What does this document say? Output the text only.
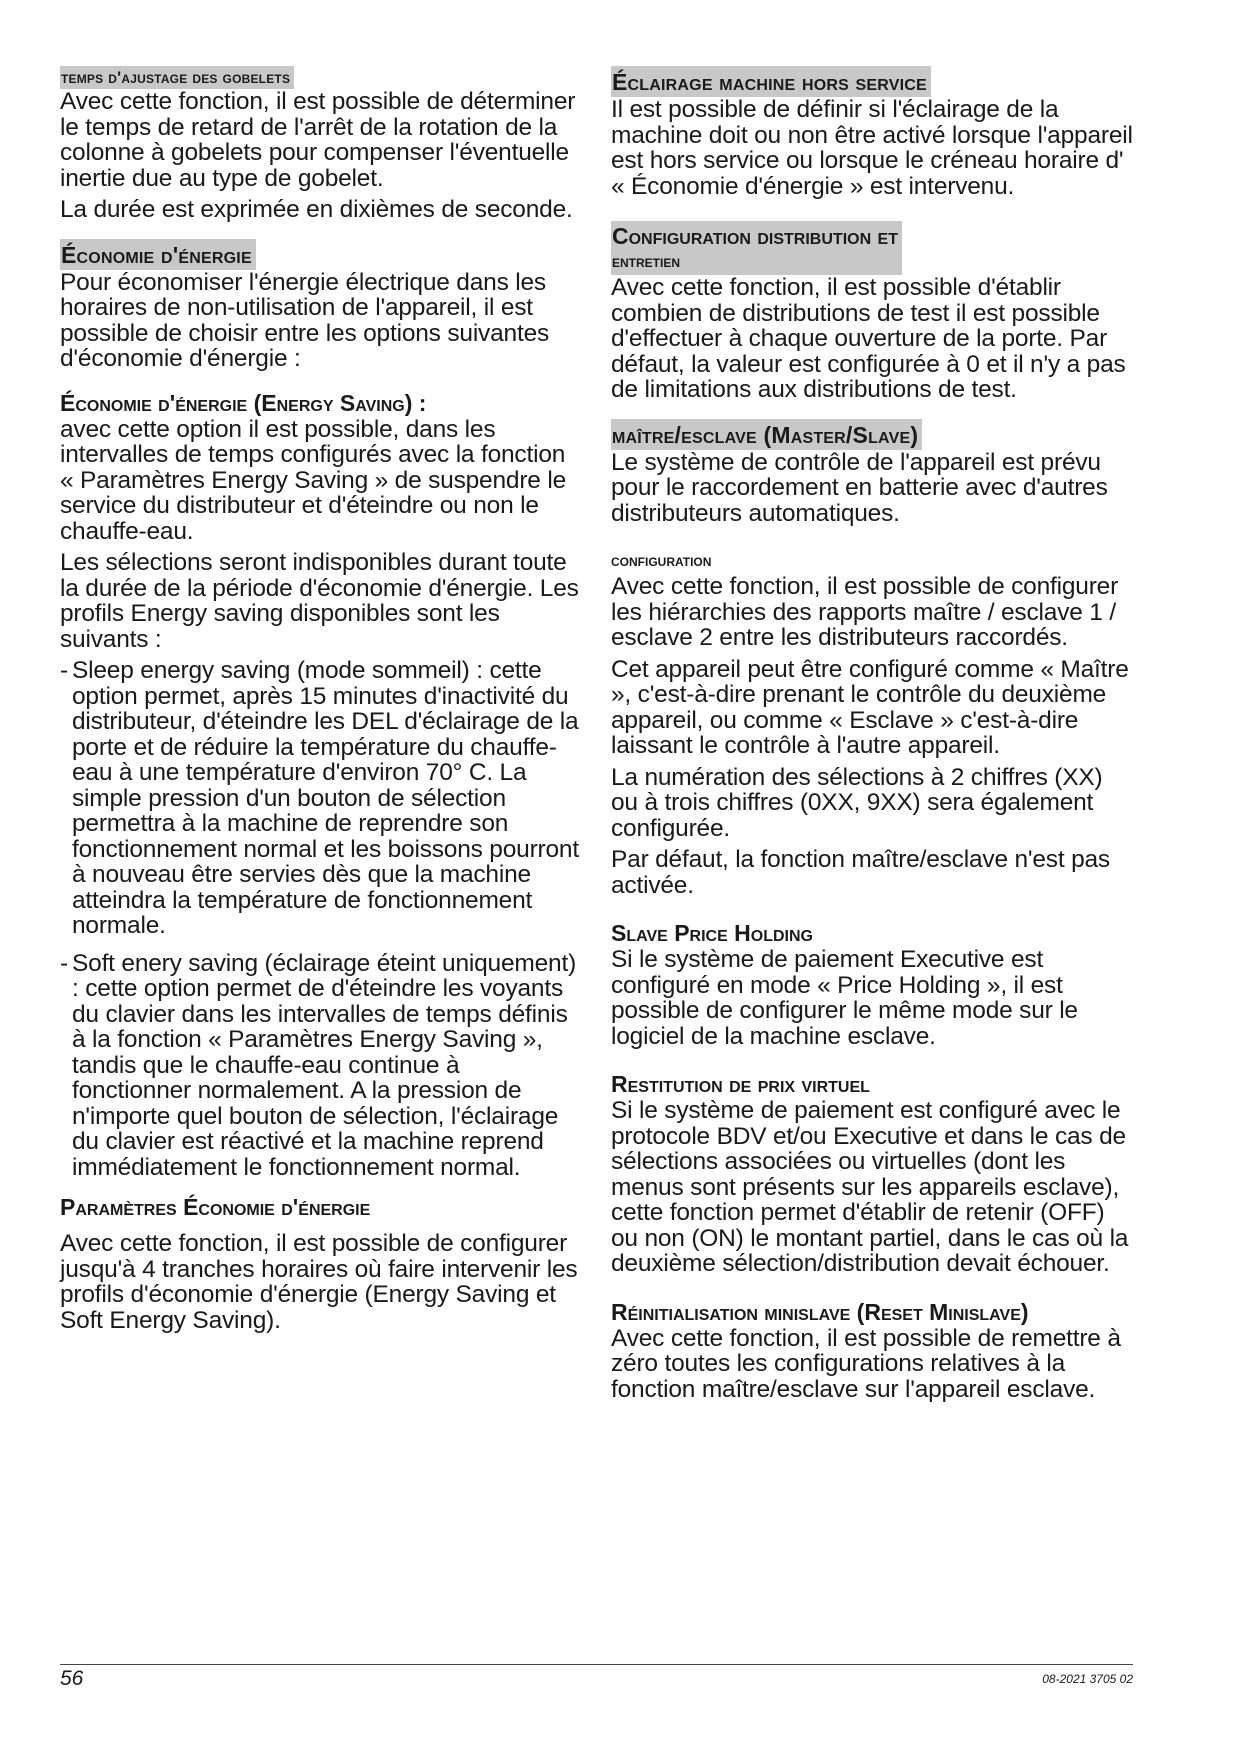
temps d'ajustage des gobelets

Avec cette fonction, il est possible de déterminer le temps de retard de l'arrêt de la rotation de la colonne à gobelets pour compenser l'éventuelle inertie due au type de gobelet.

La durée est exprimée en dixièmes de seconde.

Économie d'énergie

Pour économiser l'énergie électrique dans les horaires de non-utilisation de l'appareil, il est possible de choisir entre les options suivantes d'économie d'énergie :

Économie d'énergie (Energy Saving) :

avec cette option il est possible, dans les intervalles de temps configurés avec la fonction « Paramètres Energy Saving » de suspendre le service du distributeur et d'éteindre ou non le chauffe-eau.

Les sélections seront indisponibles durant toute la durée de la période d'économie d'énergie. Les profils Energy saving disponibles sont les suivants :

- Sleep energy saving (mode sommeil) : cette option permet, après 15 minutes d'inactivité du distributeur, d'éteindre les DEL d'éclairage de la porte et de réduire la température du chauffe-eau à une température d'environ 70° C. La simple pression d'un bouton de sélection permettra à la machine de reprendre son fonctionnement normal et les boissons pourront à nouveau être servies dès que la machine atteindra la température de fonctionnement normale.
- Soft enery saving (éclairage éteint uniquement) : cette option permet de d'éteindre les voyants du clavier dans les intervalles de temps définis à la fonction « Paramètres Energy Saving », tandis que le chauffe-eau continue à fonctionner normalement. A la pression de n'importe quel bouton de sélection, l'éclairage du clavier est réactivé et la machine reprend immédiatement le fonctionnement normal.
Paramètres Économie d'énergie

Avec cette fonction, il est possible de configurer jusqu'à 4 tranches horaires où faire intervenir les profils d'économie d'énergie (Energy Saving et Soft Energy Saving).

Éclairage machine hors service

Il est possible de définir si l'éclairage de la machine doit ou non être activé lorsque l'appareil est hors service ou lorsque le créneau horaire d' « Économie d'énergie » est intervenu.

Configuration distribution et
entretien

Avec cette fonction, il est possible d'établir combien de distributions de test il est possible d'effectuer à chaque ouverture de la porte. Par défaut, la valeur est configurée à 0 et il n'y a pas de limitations aux distributions de test.

maître/esclave (Master/Slave)

Le système de contrôle de l'appareil est prévu pour le raccordement en batterie avec d'autres distributeurs automatiques.

configuration

Avec cette fonction, il est possible de configurer les hiérarchies des rapports maître / esclave 1 / esclave 2 entre les distributeurs raccordés.

Cet appareil peut être configuré comme « Maître », c'est-à-dire prenant le contrôle du deuxième appareil, ou comme « Esclave » c'est-à-dire laissant le contrôle à l'autre appareil.

La numération des sélections à 2 chiffres (XX) ou à trois chiffres (0XX, 9XX) sera également configurée.

Par défaut, la fonction maître/esclave n'est pas activée.

Slave Price Holding

Si le système de paiement Executive est configuré en mode « Price Holding », il est possible de configurer le même mode sur le logiciel de la machine esclave.

Restitution de prix virtuel

Si le système de paiement est configuré avec le protocole BDV et/ou Executive et dans le cas de sélections associées ou virtuelles (dont les menus sont présents sur les appareils esclave), cette fonction permet d'établir de retenir (OFF) ou non (ON) le montant partiel, dans le cas où la deuxième sélection/distribution devait échouer.

Réinitialisation minislave (Reset Minislave)

Avec cette fonction, il est possible de remettre à zéro toutes les configurations relatives à la fonction maître/esclave sur l'appareil esclave.

56	08-2021 3705 02
